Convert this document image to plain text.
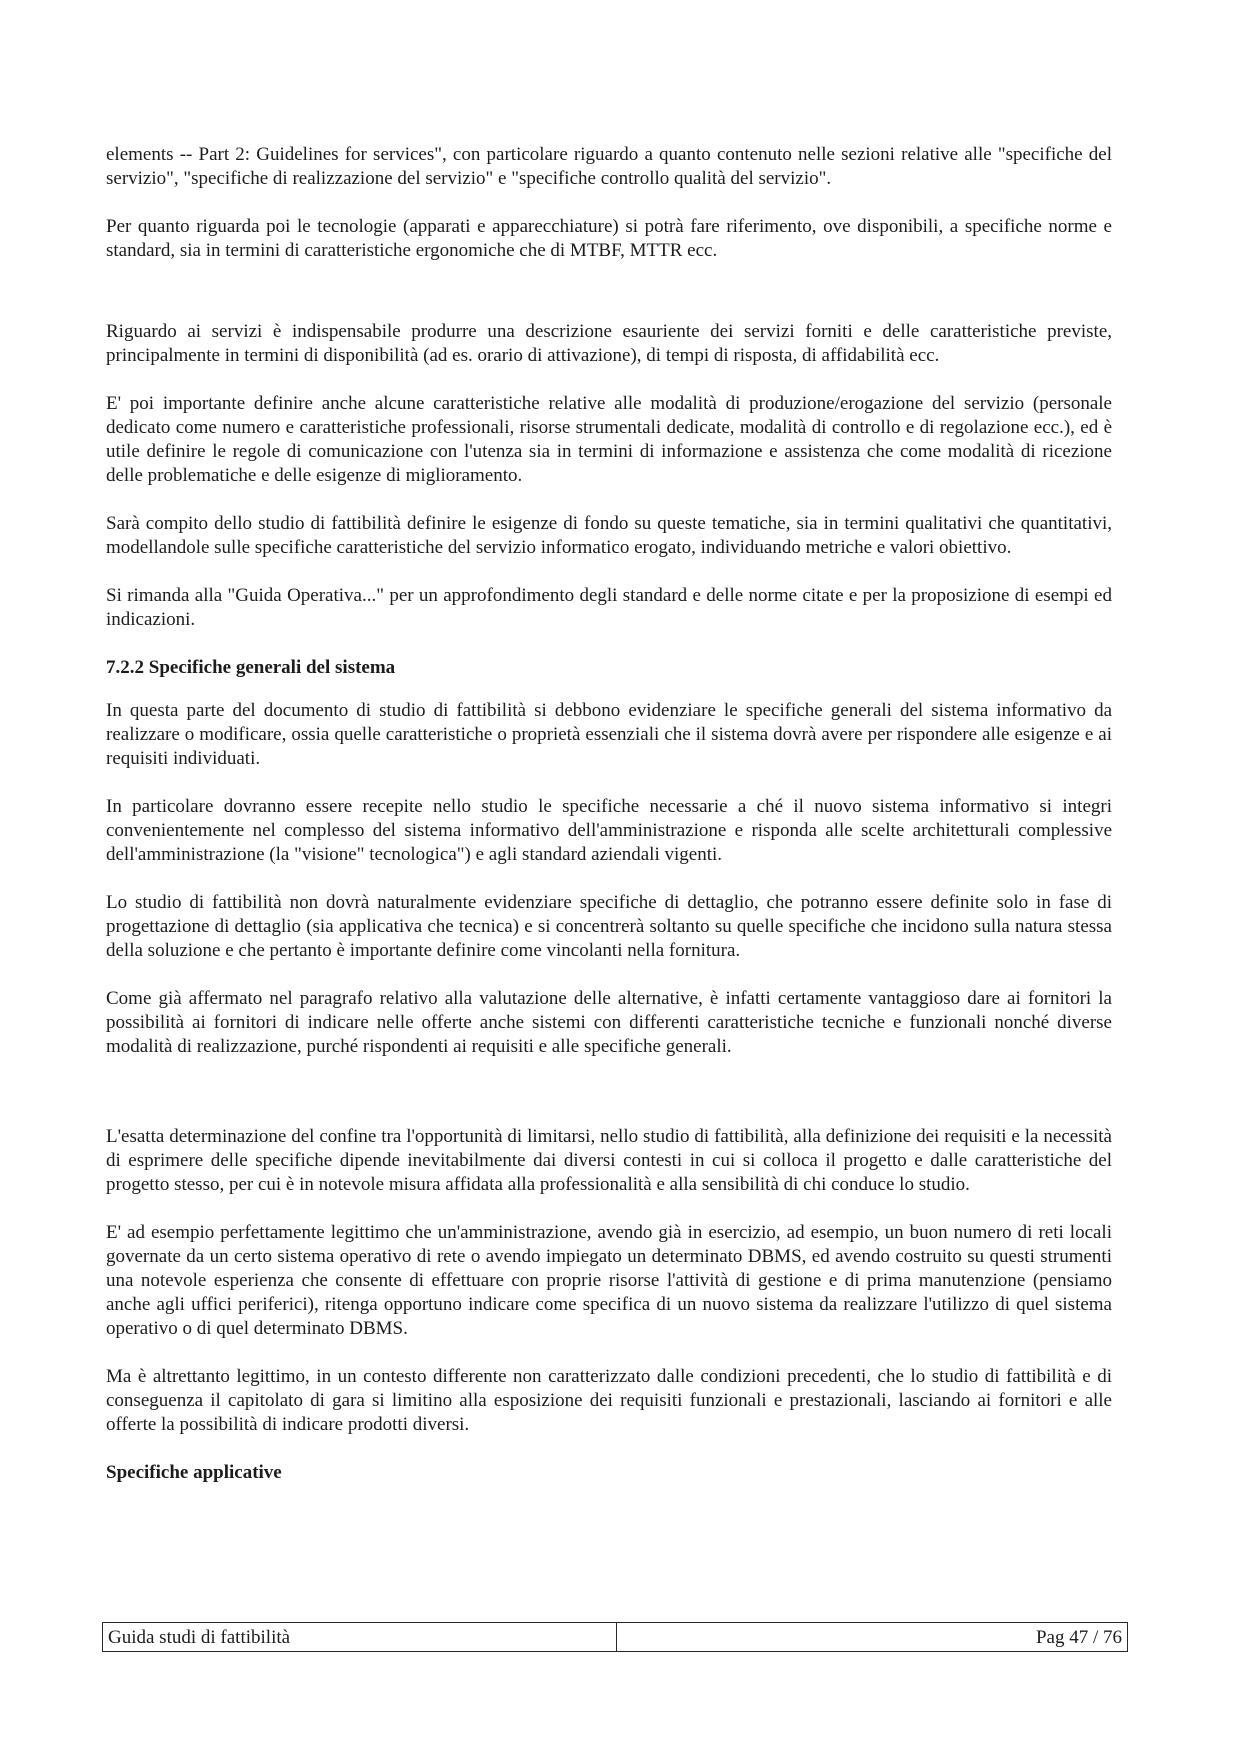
elements -- Part 2: Guidelines for services", con particolare riguardo a quanto contenuto nelle sezioni relative alle "specifiche del servizio", "specifiche di realizzazione del servizio" e "specifiche controllo qualità del servizio".

Per quanto riguarda poi le tecnologie (apparati e apparecchiature) si potrà fare riferimento, ove disponibili, a specifiche norme e standard, sia in termini di caratteristiche ergonomiche che di MTBF, MTTR ecc.

Riguardo ai servizi è indispensabile produrre una descrizione esauriente dei servizi forniti e delle caratteristiche previste, principalmente in termini di disponibilità (ad es. orario di attivazione), di tempi di risposta, di affidabilità ecc.

E' poi importante definire anche alcune caratteristiche relative alle modalità di produzione/erogazione del servizio (personale dedicato come numero e caratteristiche professionali, risorse strumentali dedicate, modalità di controllo e di regolazione ecc.), ed è utile definire le regole di comunicazione con l'utenza sia in termini di informazione e assistenza che come modalità di ricezione delle problematiche e delle esigenze di miglioramento.

Sarà compito dello studio di fattibilità definire le esigenze di fondo su queste tematiche, sia in termini qualitativi che quantitativi, modellandole sulle specifiche caratteristiche del servizio informatico erogato, individuando metriche e valori obiettivo.

Si rimanda alla "Guida Operativa..." per un approfondimento degli standard e delle norme citate e per la proposizione di esempi ed indicazioni.

7.2.2 Specifiche generali del sistema

In questa parte del documento di studio di fattibilità si debbono evidenziare le specifiche generali del sistema informativo da realizzare o modificare, ossia quelle caratteristiche o proprietà essenziali che il sistema dovrà avere per rispondere alle esigenze e ai requisiti individuati.

In particolare dovranno essere recepite nello studio le specifiche necessarie a ché il nuovo sistema informativo si integri convenientemente nel complesso del sistema informativo dell'amministrazione e risponda alle scelte architetturali complessive dell'amministrazione (la "visione" tecnologica") e agli standard aziendali vigenti.

Lo studio di fattibilità non dovrà naturalmente evidenziare specifiche di dettaglio, che potranno essere definite solo in fase di progettazione di dettaglio (sia applicativa che tecnica) e si concentrerà soltanto su quelle specifiche che incidono sulla natura stessa della soluzione e che pertanto è importante definire come vincolanti nella fornitura.

Come già affermato nel paragrafo relativo alla valutazione delle alternative, è infatti certamente vantaggioso dare ai fornitori la possibilità ai fornitori di indicare nelle offerte anche sistemi con differenti caratteristiche tecniche e funzionali nonché diverse modalità di realizzazione, purché rispondenti ai requisiti e alle specifiche generali.

L'esatta determinazione del confine tra l'opportunità di limitarsi, nello studio di fattibilità, alla definizione dei requisiti e la necessità di esprimere delle specifiche dipende inevitabilmente dai diversi contesti in cui si colloca il progetto e dalle caratteristiche del progetto stesso, per cui è in notevole misura affidata alla professionalità e alla sensibilità di chi conduce lo studio.

E' ad esempio perfettamente legittimo che un'amministrazione, avendo già in esercizio, ad esempio, un buon numero di reti locali governate da un certo sistema operativo di rete o avendo impiegato un determinato DBMS, ed avendo costruito su questi strumenti una notevole esperienza che consente di effettuare con proprie risorse l'attività di gestione e di prima manutenzione (pensiamo anche agli uffici periferici), ritenga opportuno indicare come specifica di un nuovo sistema da realizzare l'utilizzo di quel sistema operativo o di quel determinato DBMS.

Ma è altrettanto legittimo, in un contesto differente non caratterizzato dalle condizioni precedenti, che lo studio di fattibilità e di conseguenza il capitolato di gara si limitino alla esposizione dei requisiti funzionali e prestazionali, lasciando ai fornitori e alle offerte la possibilità di indicare prodotti diversi.

Specifiche applicative
Guida studi di fattibilità	Pag 47 / 76
